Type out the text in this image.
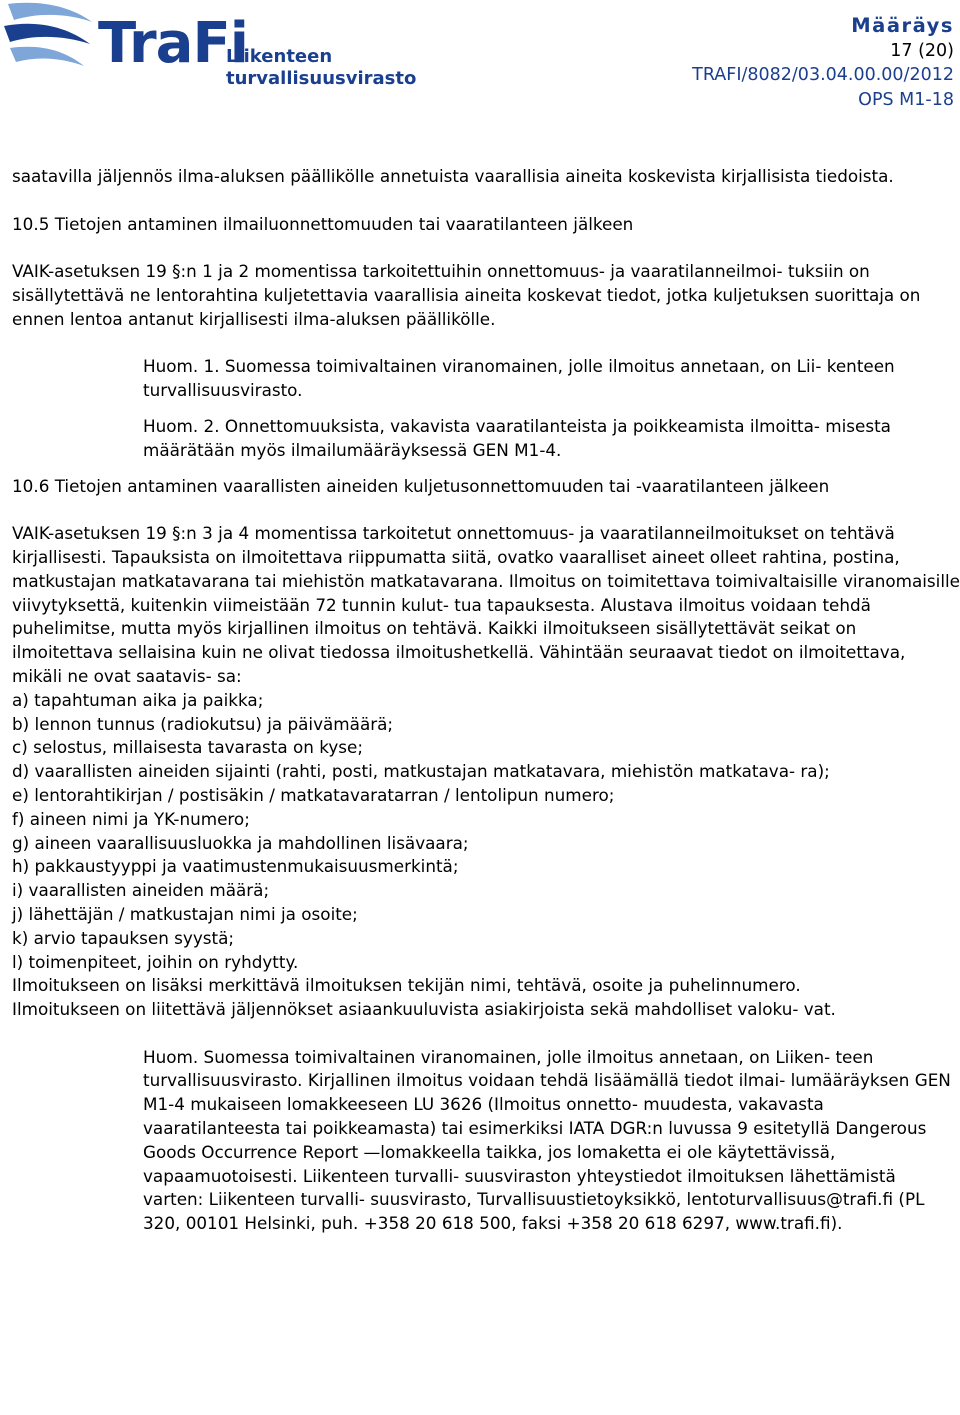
TraFi
Liikenteen turvallisuusvirasto
Määräys
17 (20)
TRAFI/8082/03.04.00.00/2012
OPS M1-18

saatavilla jäljennös ilma-aluksen päällikölle annetuista vaarallisia aineita koskevista kirjallisista tiedoista.

10.5 Tietojen antaminen ilmailuonnettomuuden tai vaaratilanteen jälkeen

VAIK-asetuksen 19 §:n 1 ja 2 momentissa tarkoitettuihin onnettomuus- ja vaaratilanneilmoi- tuksiin on sisällytettävä ne lentorahtina kuljetettavia vaarallisia aineita koskevat tiedot, jotka kuljetuksen suorittaja on ennen lentoa antanut kirjallisesti ilma-aluksen päällikölle.

Huom. 1. Suomessa toimivaltainen viranomainen, jolle ilmoitus annetaan, on Lii- kenteen turvallisuusvirasto.

Huom. 2. Onnettomuuksista, vakavista vaaratilanteista ja poikkeamista ilmoitta- misesta määrätään myös ilmailumääräyksessä GEN M1-4.

10.6 Tietojen antaminen vaarallisten aineiden kuljetusonnettomuuden tai -vaaratilanteen jälkeen

VAIK-asetuksen 19 §:n 3 ja 4 momentissa tarkoitetut onnettomuus- ja vaaratilanneilmoitukset on tehtävä kirjallisesti. Tapauksista on ilmoitettava riippumatta siitä, ovatko vaaralliset aineet olleet rahtina, postina, matkustajan matkatavarana tai miehistön matkatavarana. Ilmoitus on toimitettava toimivaltaisille viranomaisille viivytyksettä, kuitenkin viimeistään 72 tunnin kulut- tua tapauksesta. Alustava ilmoitus voidaan tehdä puhelimitse, mutta myös kirjallinen ilmoitus on tehtävä. Kaikki ilmoitukseen sisällytettävät seikat on ilmoitettava sellaisina kuin ne olivat tiedossa ilmoitushetkellä. Vähintään seuraavat tiedot on ilmoitettava, mikäli ne ovat saatavis- sa:

a) tapahtuman aika ja paikka;

b) lennon tunnus (radiokutsu) ja päivämäärä;

c) selostus, millaisesta tavarasta on kyse;

d) vaarallisten aineiden sijainti (rahti, posti, matkustajan matkatavara, miehistön matkatava- ra);

e) lentorahtikirjan / postisäkin / matkatavaratarran / lentolipun numero;

f) aineen nimi ja YK-numero;

g) aineen vaarallisuusluokka ja mahdollinen lisävaara;

h) pakkaustyyppi ja vaatimustenmukaisuusmerkintä;

i) vaarallisten aineiden määrä;

j) lähettäjän / matkustajan nimi ja osoite;

k) arvio tapauksen syystä;

l) toimenpiteet, joihin on ryhdytty.

Ilmoitukseen on lisäksi merkittävä ilmoituksen tekijän nimi, tehtävä, osoite ja puhelinnumero.

Ilmoitukseen on liitettävä jäljennökset asiaankuuluvista asiakirjoista sekä mahdolliset valoku- vat.

Huom. Suomessa toimivaltainen viranomainen, jolle ilmoitus annetaan, on Liiken- teen turvallisuusvirasto. Kirjallinen ilmoitus voidaan tehdä lisäämällä tiedot ilmai- lumääräyksen GEN M1-4 mukaiseen lomakkeeseen LU 3626 (Ilmoitus onnetto- muudesta, vakavasta vaaratilanteesta tai poikkeamasta) tai esimerkiksi IATA DGR:n luvussa 9 esitetyllä Dangerous Goods Occurrence Report —lomakkeella taikka, jos lomaketta ei ole käytettävissä, vapaamuotoisesti. Liikenteen turvalli- suusviraston yhteystiedot ilmoituksen lähettämistä varten: Liikenteen turvalli- suusvirasto, Turvallisuustietoyksikkö, lentoturvallisuus@trafi.fi (PL 320, 00101 Helsinki, puh. +358 20 618 500, faksi +358 20 618 6297, www.trafi.fi).
